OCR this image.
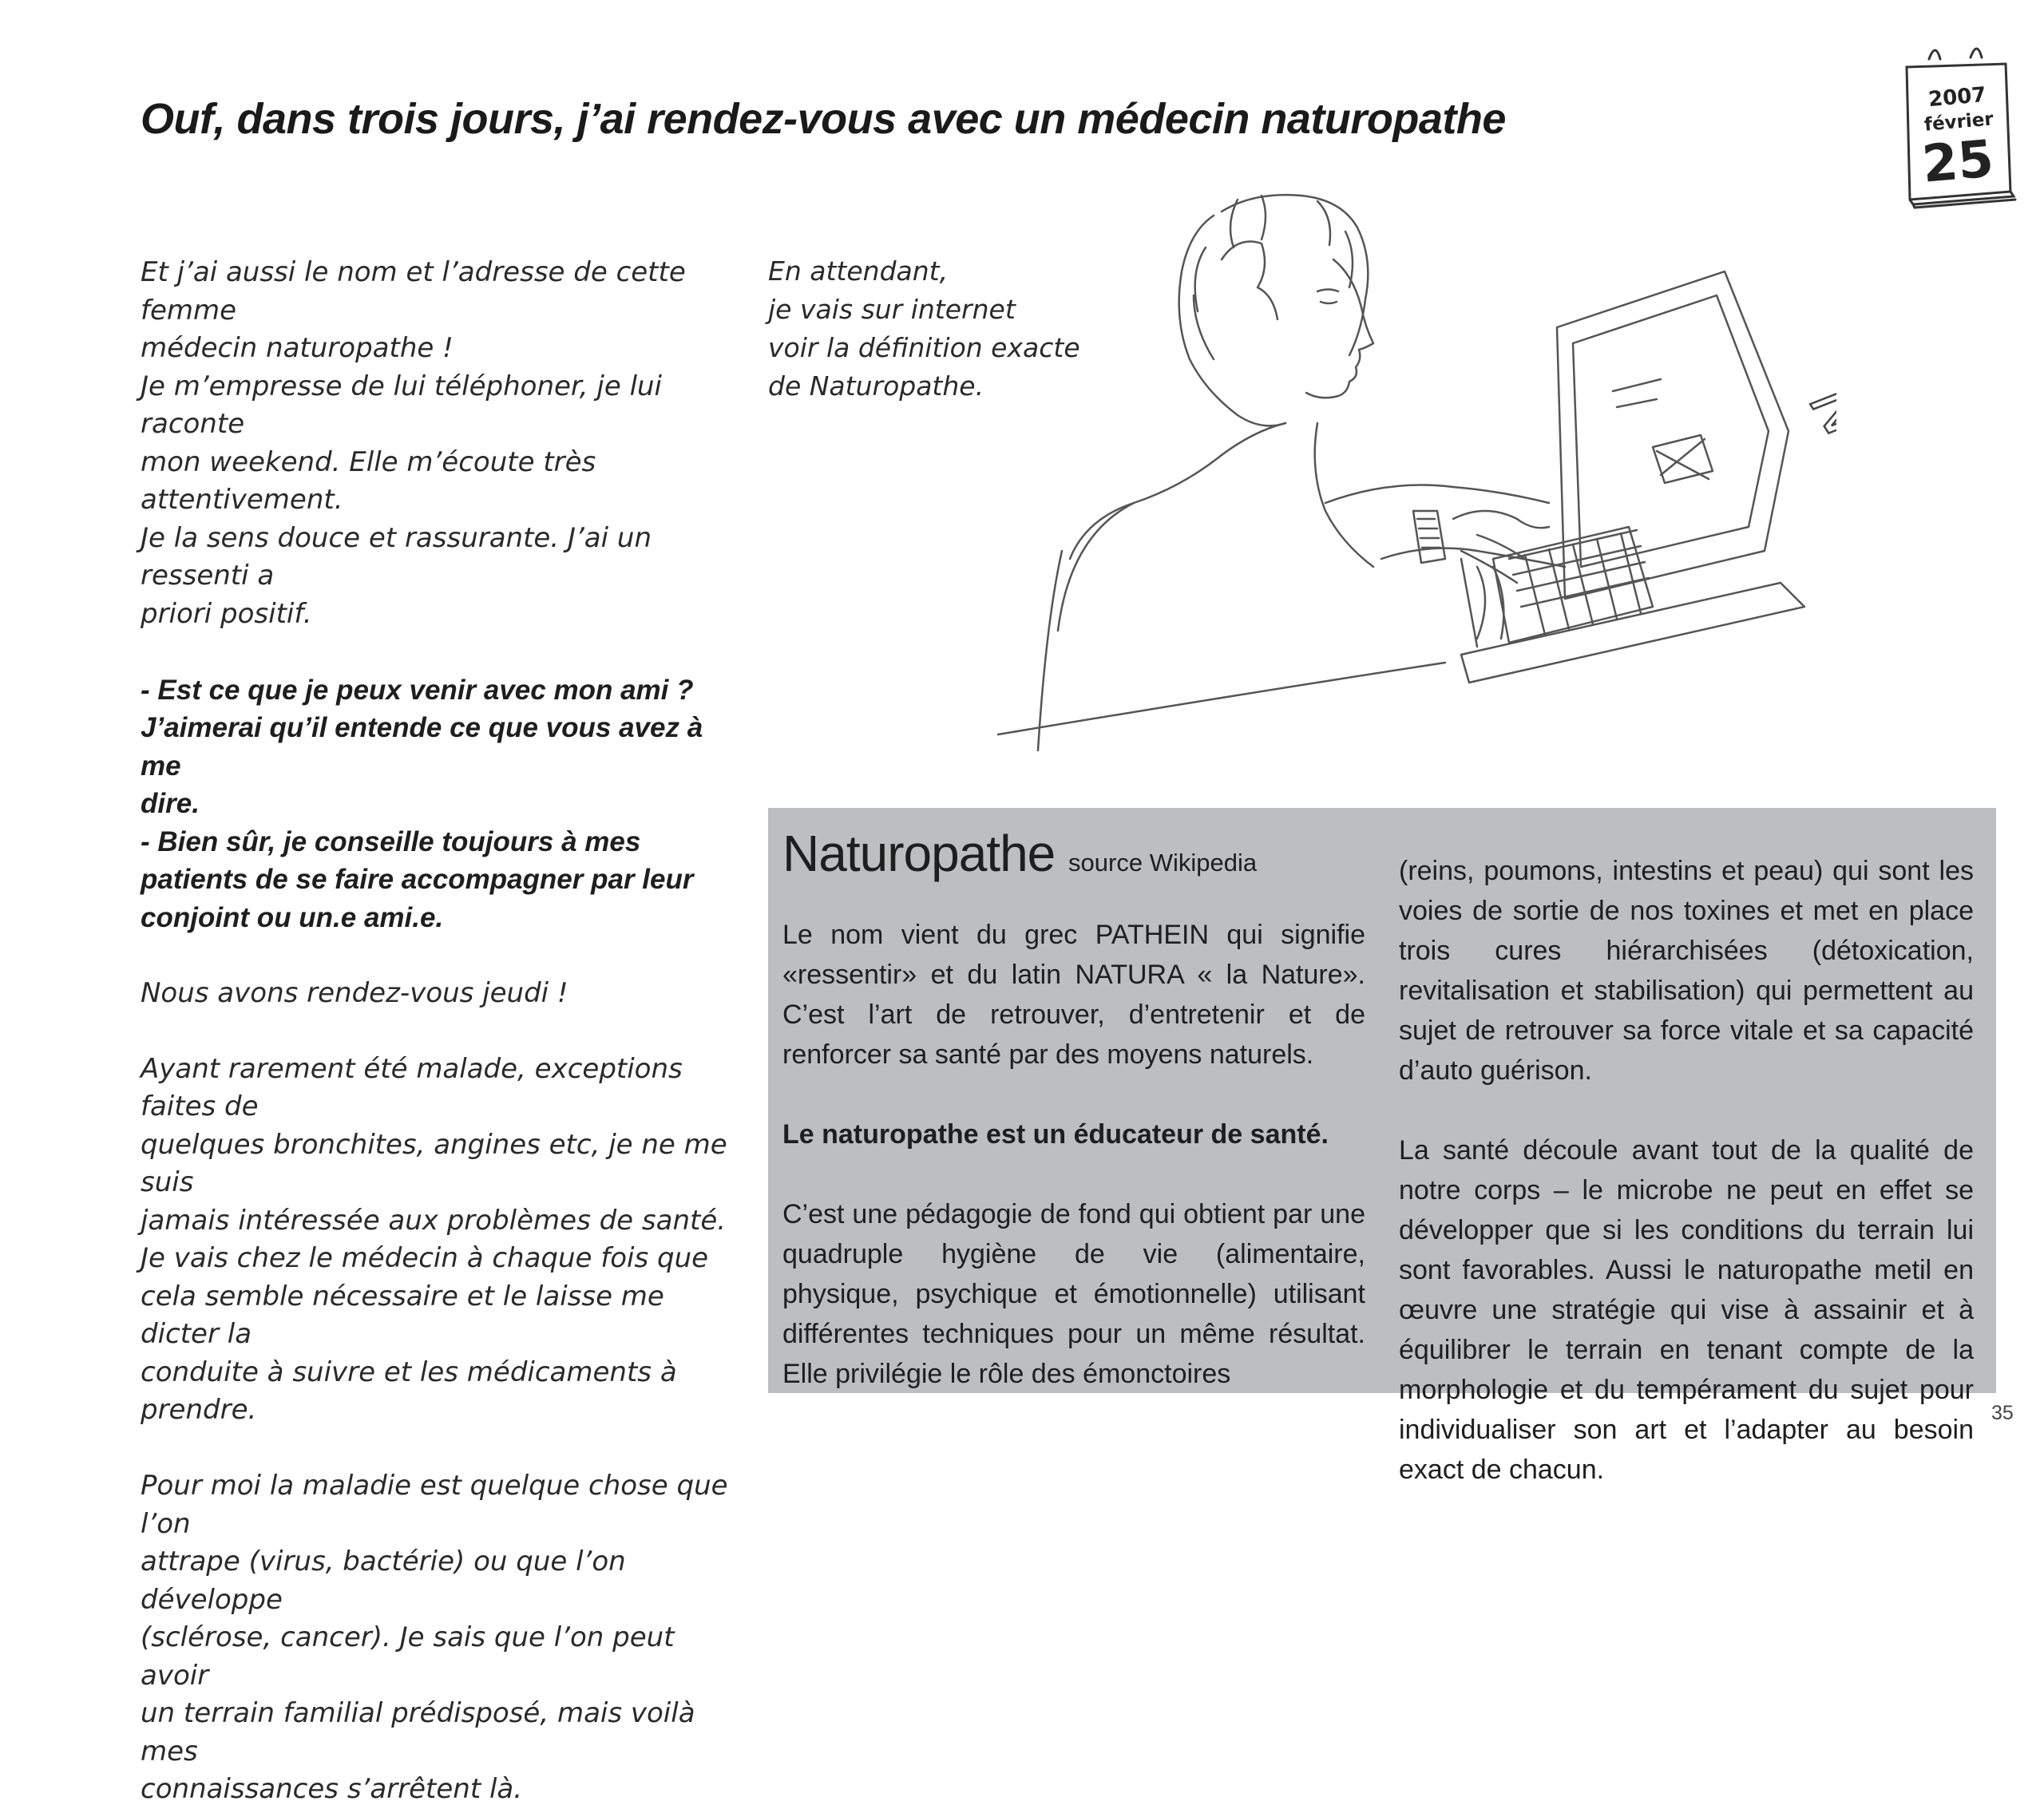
Ouf, dans trois jours, j’ai rendez-vous avec un médecin naturopathe	2007
février
25

Et j’ai aussi le nom et l’adresse de cette femme

médecin naturopathe !

Je m’empresse de lui téléphoner, je lui raconte

mon weekend. Elle m’écoute très attentivement.

Je la sens douce et rassurante. J’ai un ressenti a

priori positif.

- Est ce que je peux venir avec mon ami ?

J’aimerai qu’il entende ce que vous avez à me

dire.

- Bien sûr, je conseille toujours à mes

patients de se faire accompagner par leur

conjoint ou un.e ami.e.

Nous avons rendez-vous jeudi !

Ayant rarement été malade, exceptions faites de

quelques bronchites, angines etc, je ne me suis

jamais intéressée aux problèmes de santé.

Je vais chez le médecin à chaque fois que

cela semble nécessaire et le laisse me dicter la

conduite à suivre et les médicaments à prendre.

Pour moi la maladie est quelque chose que l’on

attrape (virus, bactérie) ou que l’on développe

(sclérose, cancer). Je sais que l’on peut avoir

un terrain familial prédisposé, mais voilà mes

connaissances s’arrêtent là.

En attendant,

je vais sur internet

voir la définition exacte

de Naturopathe.

Naturopathe source Wikipedia

Le nom vient du grec PATHEIN qui signifie «ressentir» et du latin NATURA « la Nature». C’est l’art de retrouver, d’entretenir et de renforcer sa santé par des moyens naturels.

Le naturopathe est un éducateur de santé.

C’est une pédagogie de fond qui obtient par une quadruple hygiène de vie (alimentaire, physique, psychique et émotionnelle) utilisant différentes techniques pour un même résultat. Elle privilégie le rôle des émonctoires

(reins, poumons, intestins et peau) qui sont les voies de sortie de nos toxines et met en place trois cures hiérarchisées (détoxication, revitalisation et stabilisation) qui permettent au sujet de retrouver sa force vitale et sa capacité d’auto guérison.

La santé découle avant tout de la qualité de notre corps – le microbe ne peut en effet se développer que si les conditions du terrain lui sont favorables. Aussi le naturopathe metil en œuvre une stratégie qui vise à assainir et à équilibrer le terrain en tenant compte de la morphologie et du tempérament du sujet pour individualiser son art et l’adapter au besoin exact de chacun.

35
